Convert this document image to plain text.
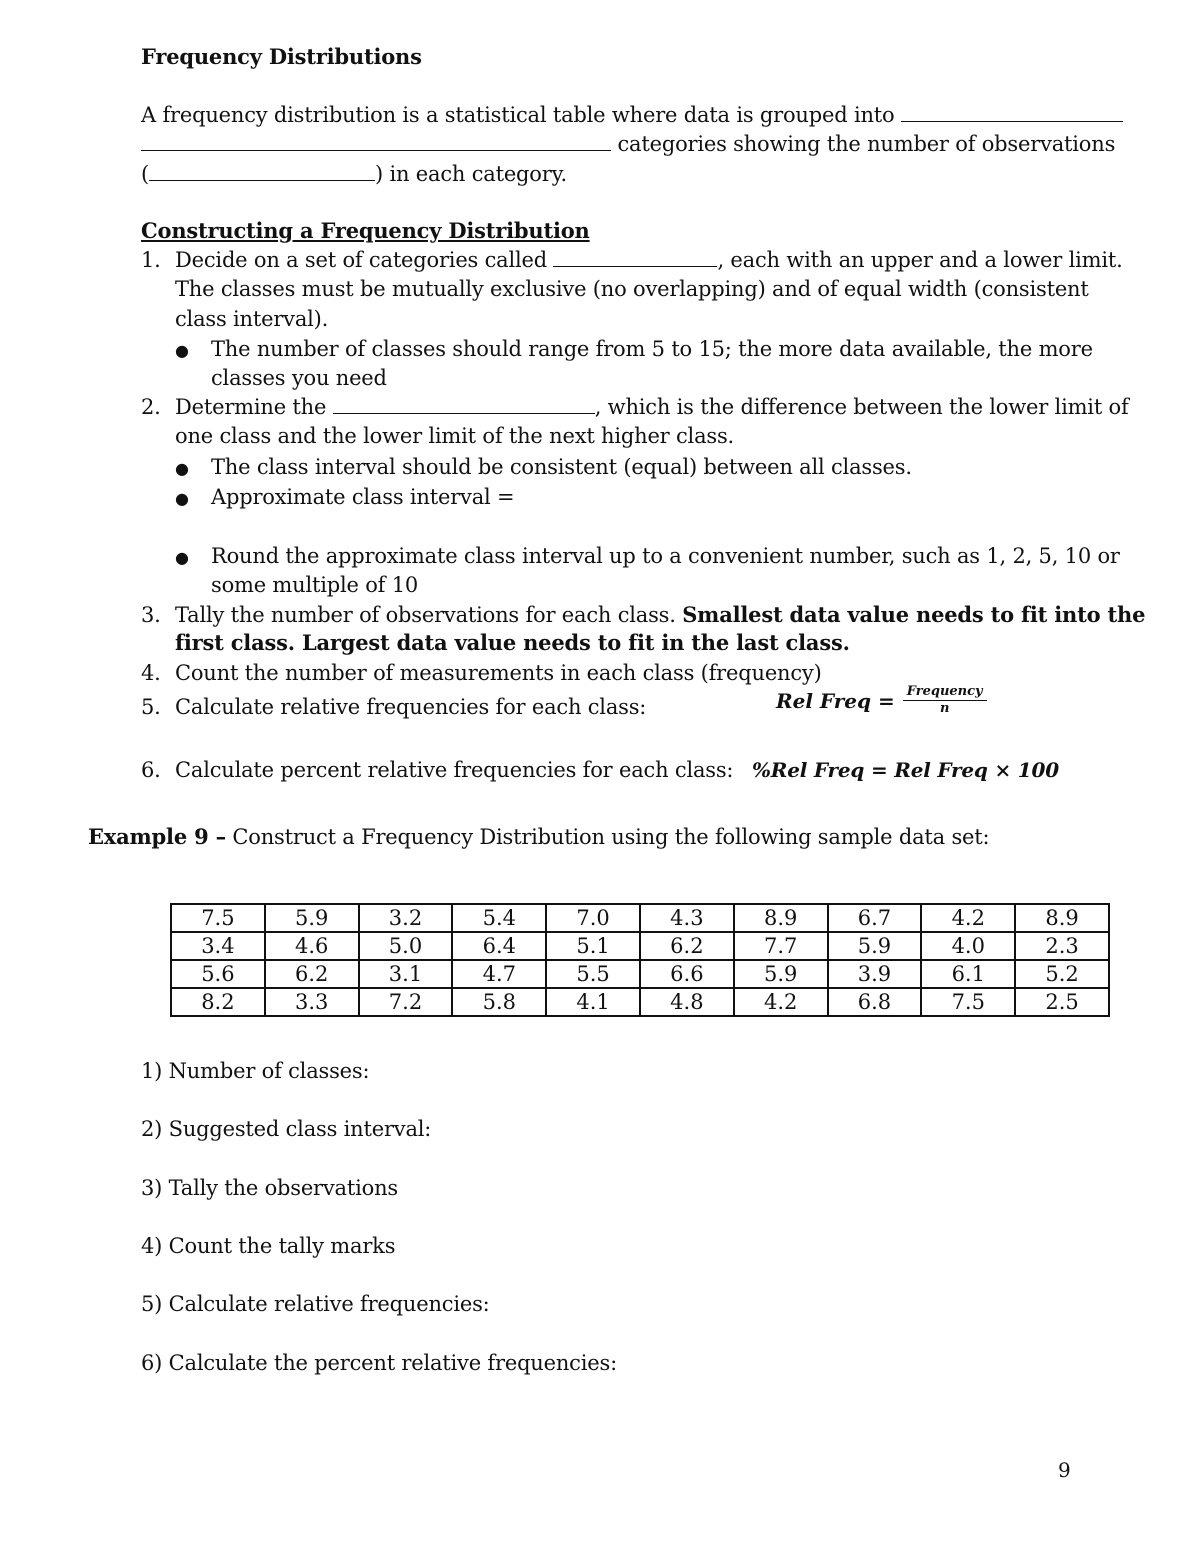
Frequency Distributions
A frequency distribution is a statistical table where data is grouped into
categories showing the number of observations
(	) in each category.
Constructing a Frequency Distribution
1. Decide on a set of categories called	, each with an upper and a lower limit.
The classes must be mutually exclusive (no overlapping) and of equal width (consistent
class interval).
● The number of classes should range from 5 to 15; the more data available, the more
classes you need
2. Determine the	, which is the difference between the lower limit of
one class and the lower limit of the next higher class.
● The class interval should be consistent (equal) between all classes.
● Approximate class interval =
● Round the approximate class interval up to a convenient number, such as 1, 2, 5, 10 or
some multiple of 10
3. Tally the number of observations for each class. Smallest data value needs to fit into the
first class. Largest data value needs to fit in the last class.
4. Count the number of measurements in each class (frequency)
5. Calculate relative frequencies for each class:	Rel Freq = $\frac{\text{Frequency}}{n}$
6. Calculate percent relative frequencies for each class: %Rel Freq = Rel Freq × 100
Example 9 – Construct a Frequency Distribution using the following sample data set:
7.5	5.9	3.2	5.4	7.0	4.3	8.9	6.7	4.2	8.9
3.4	4.6	5.0	6.4	5.1	6.2	7.7	5.9	4.0	2.3
5.6	6.2	3.1	4.7	5.5	6.6	5.9	3.9	6.1	5.2
8.2	3.3	7.2	5.8	4.1	4.8	4.2	6.8	7.5	2.5
1) Number of classes:
2) Suggested class interval:
3) Tally the observations
4) Count the tally marks
5) Calculate relative frequencies:
6) Calculate the percent relative frequencies:
9
